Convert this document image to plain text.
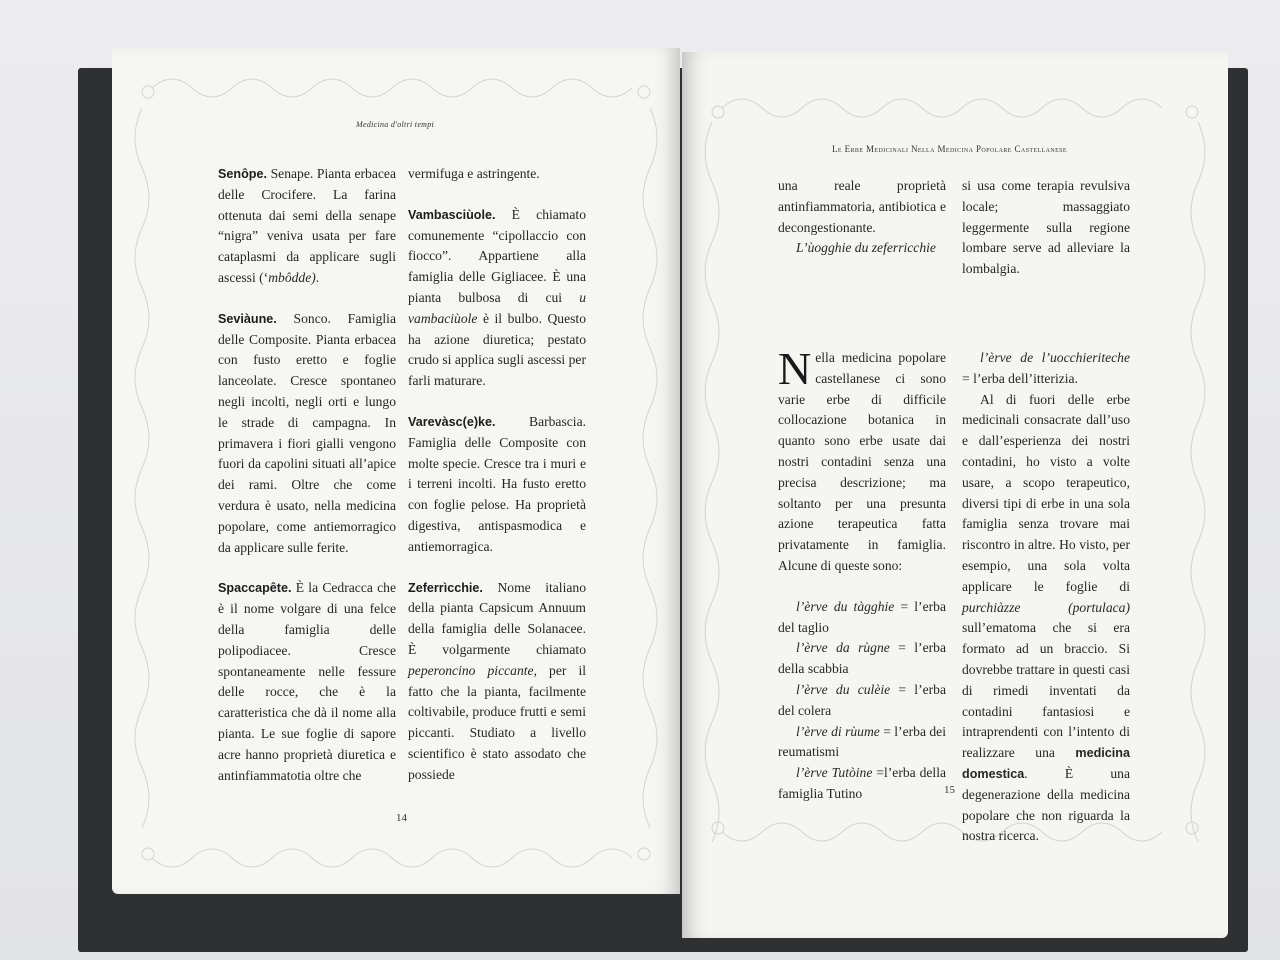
Medicina d'oltri tempi

Senôpe. Senape. Pianta erbacea delle Crocifere. La farina ottenuta dai semi della senape “nigra” veniva usata per fare cataplasmi da applicare sugli ascessi (‘mbôdde).

Seviàune. Sonco. Famiglia delle Composite. Pianta erbacea con fusto eretto e foglie lanceolate. Cresce spontaneo negli incolti, negli orti e lungo le strade di campagna. In primavera i fiori gialli vengono fuori da capolini situati all’apice dei rami. Oltre che come verdura è usato, nella medicina popolare, come antiemorragico da applicare sulle ferite.

Spaccapête. È la Cedracca che è il nome volgare di una felce della famiglia delle polipodiacee. Cresce spontaneamente nelle fessure delle rocce, che è la caratteristica che dà il nome alla pianta. Le sue foglie di sapore acre hanno proprietà diuretica e antinfiammatotia oltre che

vermifuga e astringente.

Vambasciùole. È chiamato comunemente “cipollaccio con fiocco”. Appartiene alla famiglia delle Gigliacee. È una pianta bulbosa di cui u vambaciùole è il bulbo. Questo ha azione diuretica; pestato crudo si applica sugli ascessi per farli maturare.

Varevàsc(e)ke. Barbascia. Famiglia delle Composite con molte specie. Cresce tra i muri e i terreni incolti. Ha fusto eretto con foglie pelose. Ha proprietà digestiva, antispasmodica e antiemorragica.

Zeferrìcchie. Nome italiano della pianta Capsicum Annuum della famiglia delle Solanacee. È volgarmente chiamato peperoncino piccante, per il fatto che la pianta, facilmente coltivabile, produce frutti e semi piccanti. Studiato a livello scientifico è stato assodato che possiede

14
Le Erbe Medicinali Nella Medicina Popolare Castellanese

una reale proprietà antinfiammatoria, antibiotica e decongestionante.

L’ùogghie du zeferricchie

si usa come terapia revulsiva locale; massaggiato leggermente sulla regione lombare serve ad alleviare la lombalgia.

Nella medicina popolare castellanese ci sono varie erbe di difficile collocazione botanica in quanto sono erbe usate dai nostri contadini senza una precisa descrizione; ma soltanto per una presunta azione terapeutica fatta privatamente in famiglia. Alcune di queste sono:

l’èrve du tàgghie = l’erba del taglio

l’èrve da rùgne = l’erba della scabbia

l’èrve du culèie = l’erba del colera

l’èrve di rùume = l’erba dei reumatismi

l’èrve Tutòine =l’erba della famiglia Tutino

l’èrve de l’uocchieriteche = l’erba dell’itterizia.

Al di fuori delle erbe medicinali consacrate dall’uso e dall’esperienza dei nostri contadini, ho visto a volte usare, a scopo terapeutico, diversi tipi di erbe in una sola famiglia senza trovare mai riscontro in altre. Ho visto, per esempio, una sola volta applicare le foglie di purchiàzze (portulaca) sull’ematoma che si era formato ad un braccio. Si dovrebbe trattare in questi casi di rimedi inventati da contadini fantasiosi e intraprendenti con l’intento di realizzare una medicina domestica. È una degenerazione della medicina popolare che non riguarda la nostra ricerca.

15
